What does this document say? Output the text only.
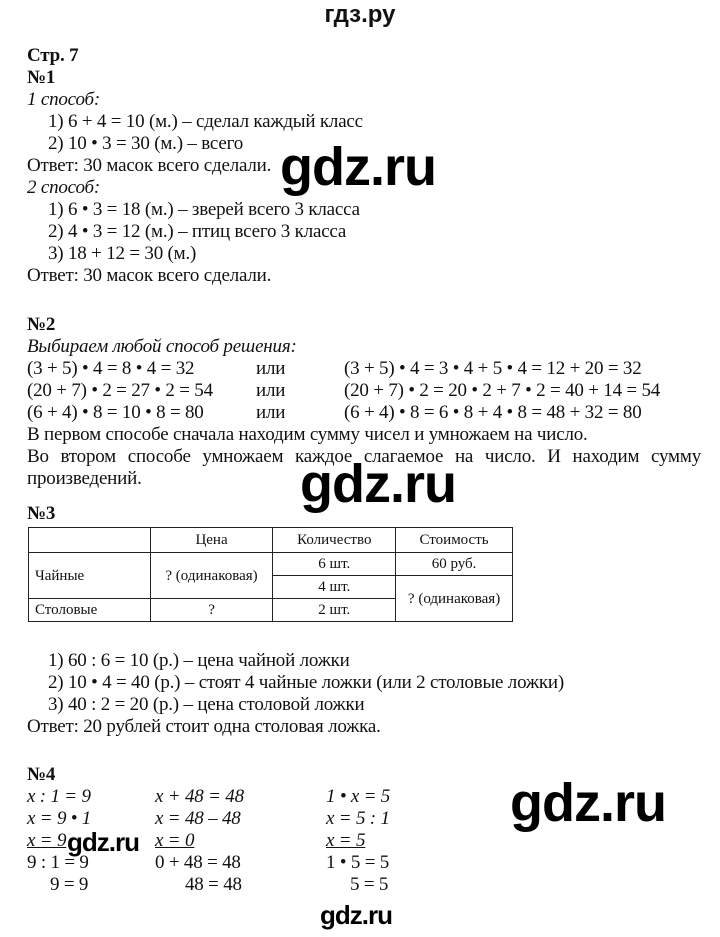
гдз.ру
Стр. 7
№1
1 способ:
1) 6 + 4 = 10 (м.) – сделал каждый класс
2) 10 • 3 = 30 (м.) – всего
Ответ: 30 масок всего сделали.
2 способ:
1) 6 • 3 = 18 (м.) – зверей всего 3 класса
2) 4 • 3 = 12 (м.) – птиц всего 3 класса
3) 18 + 12 = 30 (м.)
Ответ: 30 масок всего сделали.
gdz.ru
№2
Выбираем любой способ решения:
(3 + 5) • 4 = 8 • 4 = 32	или	(3 + 5) • 4 = 3 • 4 + 5 • 4 = 12 + 20 = 32
(20 + 7) • 2 = 27 • 2 = 54 или	(20 + 7) • 2 = 20 • 2 + 7 • 2 = 40 + 14 = 54
(6 + 4) • 8 = 10 • 8 = 80	или	(6 + 4) • 8 = 6 • 8 + 4 • 8 = 48 + 32 = 80
В первом способе сначала находим сумму чисел и умножаем на число.
Во втором способе умножаем каждое слагаемое на число. И находим сумму произведений.	gdz.ru
№3
	Цена	Количество	Стоимость
Чайные	? (одинаковая)	6 шт.	60 руб.
		4 шт.	? (одинаковая)
Столовые	?	2 шт.	
1) 60 : 6 = 10 (р.) – цена чайной ложки
2) 10 • 4 = 40 (р.) – стоят 4 чайные ложки (или 2 столовые ложки)
3) 40 : 2 = 20 (р.) – цена столовой ложки
Ответ: 20 рублей стоит одна столовая ложка.
№4
x : 1 = 9
x = 9 • 1
x = 9
9 : 1 = 9
9 = 9
x + 48 = 48
x = 48 – 48
x = 0
0 + 48 = 48
48 = 48
1 • x = 5
x = 5 : 1
x = 5
1 • 5 = 5
5 = 5
gdz.ru
gdz.ru
gdz.ru
